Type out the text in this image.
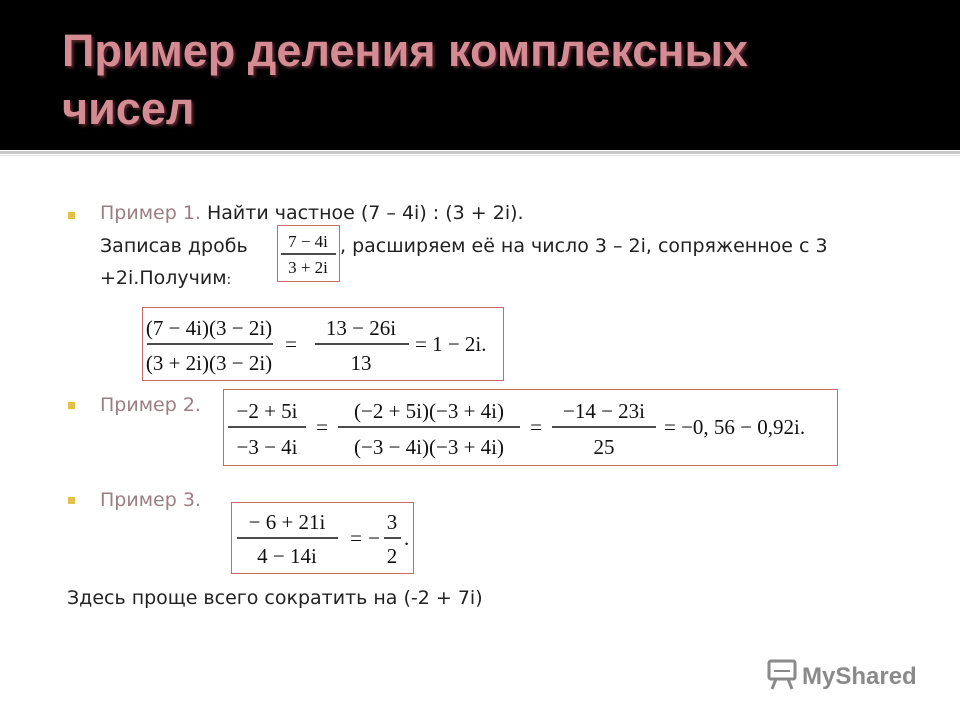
Пример деления комплексных
чисел
Пример 1. Найти частное (7 – 4i) : (3 + 2i).
Записав дробь 7 − 4i
3 + 2i
, расширяем её на число 3 – 2i, сопряженное с 3
+2i.Получим:
(7 − 4i)(3 − 2i)
(3 + 2i)(3 − 2i)
=
13 − 26i
13
= 1 − 2i.
Пример 2. −2 + 5i
−3 − 4i
=
(−2 + 5i)(−3 + 4i)
(−3 − 4i)(−3 + 4i)
=
−14 − 23i
25
= −0, 56 − 0,92i.
Пример 3.
− 6 + 21i
4 − 14i
= −
3
2
.
Здесь проще всего сократить на (-2 + 7i)
MyShared
